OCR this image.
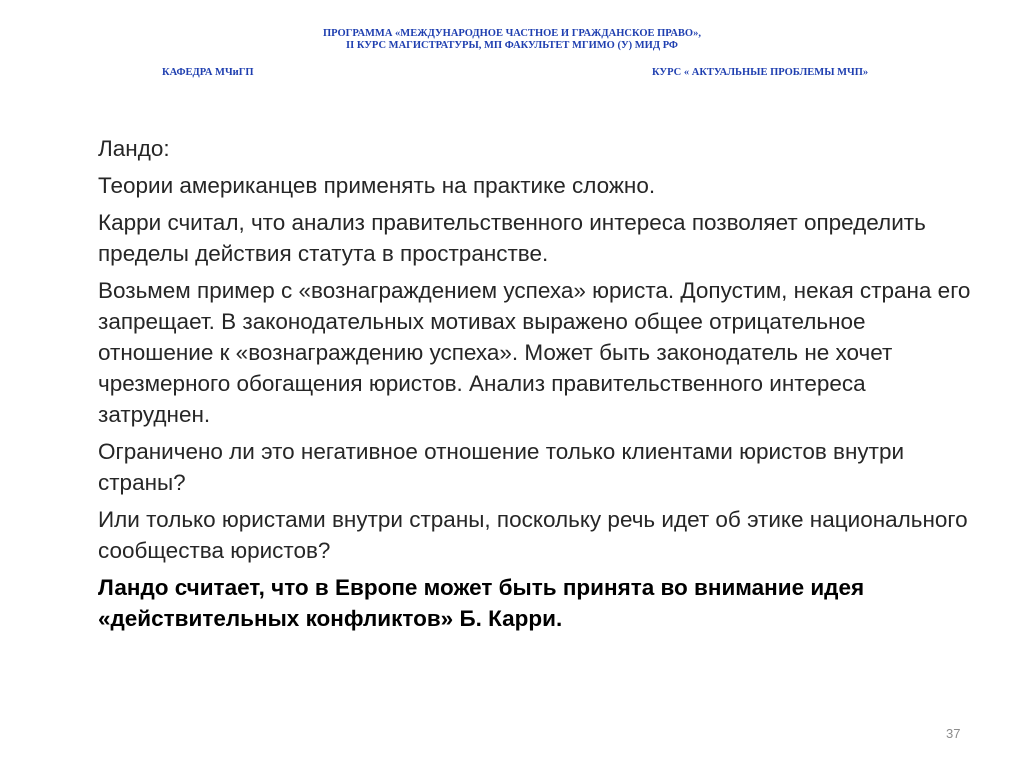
ПРОГРАММА «МЕЖДУНАРОДНОЕ ЧАСТНОЕ И ГРАЖДАНСКОЕ ПРАВО»,
II КУРС МАГИСТРАТУРЫ, МП ФАКУЛЬТЕТ МГИМО (У) МИД РФ
КАФЕДРА МЧиГП	КУРС « АКТУАЛЬНЫЕ ПРОБЛЕМЫ МЧП»

Ландо:

Теории американцев применять на практике сложно.

Карри считал, что анализ правительственного интереса позволяет определить пределы действия статута в пространстве.

Возьмем пример с «вознаграждением успеха» юриста. Допустим, некая страна его запрещает. В законодательных мотивах выражено общее отрицательное отношение к «вознаграждению успеха». Может быть законодатель не хочет чрезмерного обогащения юристов. Анализ правительственного интереса затруднен.

Ограничено ли это негативное отношение только клиентами юристов внутри страны?

Или только юристами внутри страны, поскольку речь идет об этике национального сообщества юристов?

Ландо считает, что в Европе может быть принята во внимание идея «действительных конфликтов» Б. Карри.

37
